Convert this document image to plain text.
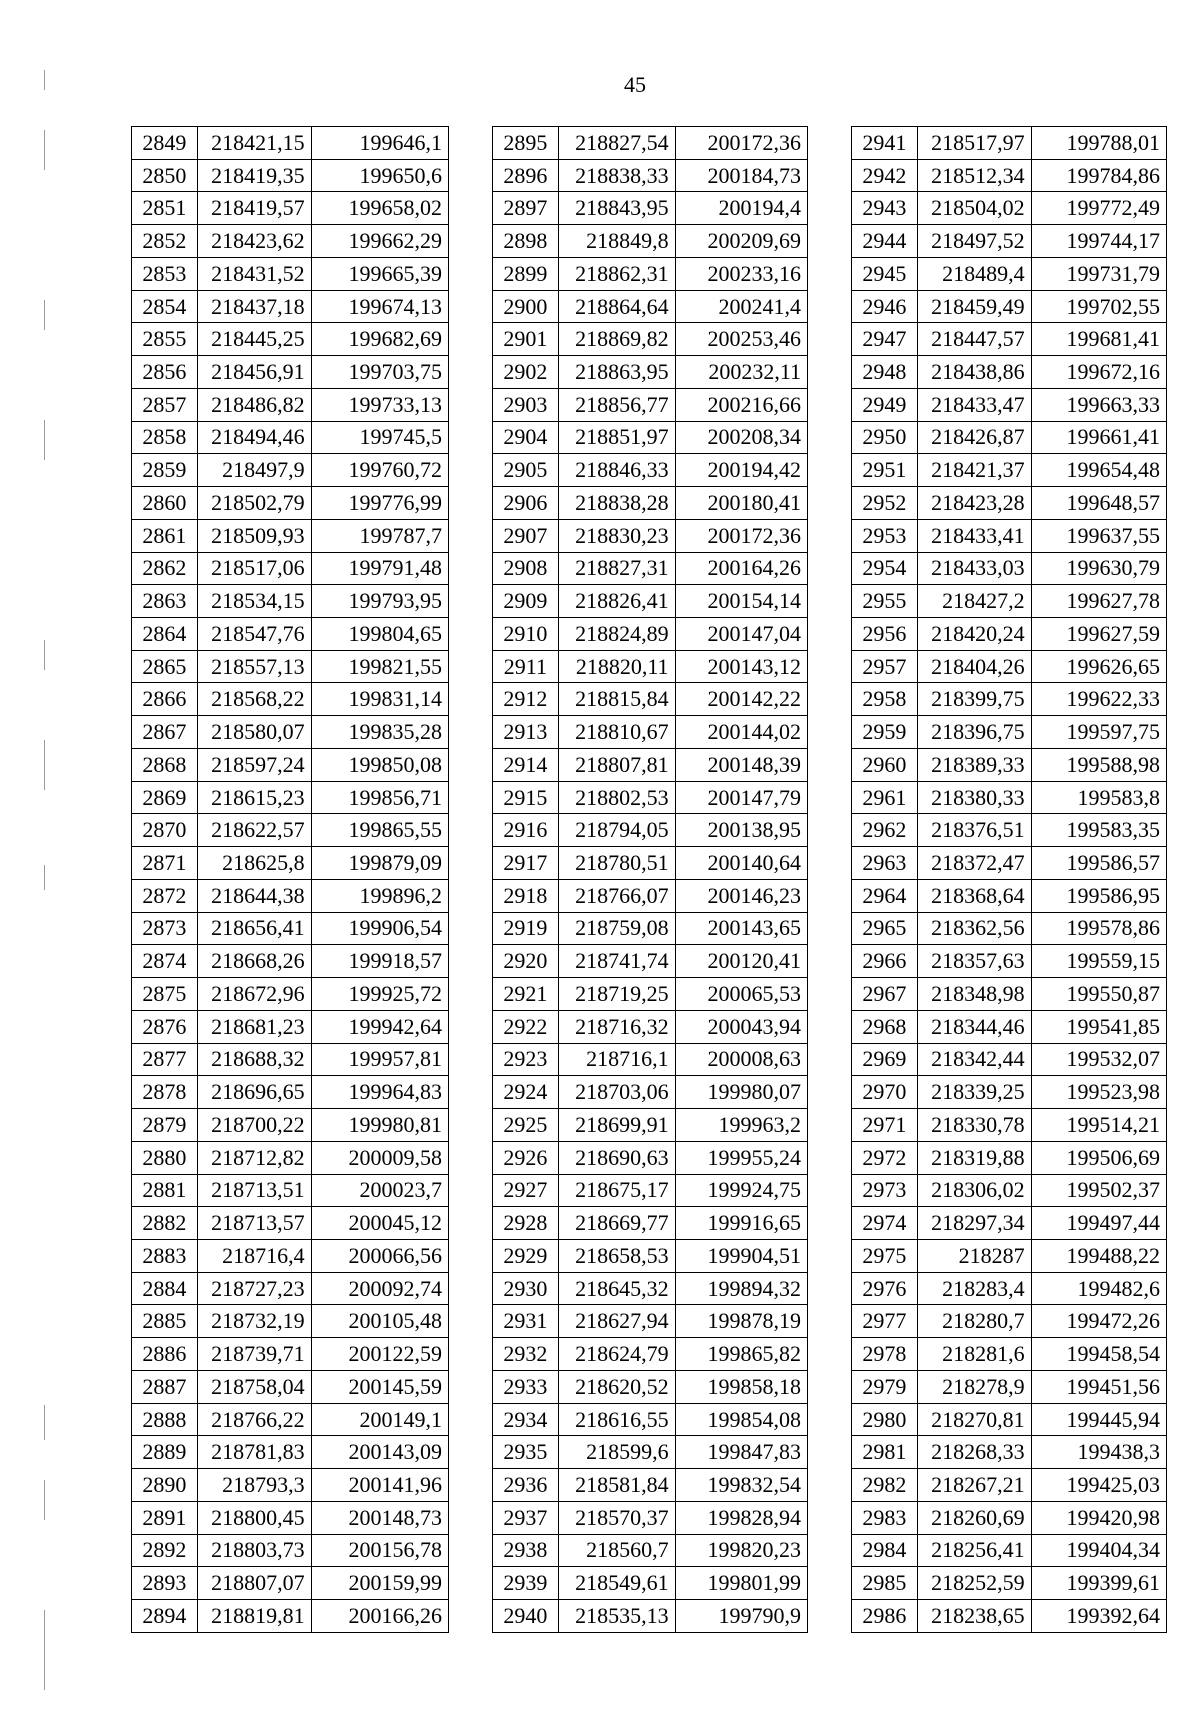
45
2849	218421,15	199646,1
2850	218419,35	199650,6
2851	218419,57	199658,02
2852	218423,62	199662,29
2853	218431,52	199665,39
2854	218437,18	199674,13
2855	218445,25	199682,69
2856	218456,91	199703,75
2857	218486,82	199733,13
2858	218494,46	199745,5
2859	218497,9	199760,72
2860	218502,79	199776,99
2861	218509,93	199787,7
2862	218517,06	199791,48
2863	218534,15	199793,95
2864	218547,76	199804,65
2865	218557,13	199821,55
2866	218568,22	199831,14
2867	218580,07	199835,28
2868	218597,24	199850,08
2869	218615,23	199856,71
2870	218622,57	199865,55
2871	218625,8	199879,09
2872	218644,38	199896,2
2873	218656,41	199906,54
2874	218668,26	199918,57
2875	218672,96	199925,72
2876	218681,23	199942,64
2877	218688,32	199957,81
2878	218696,65	199964,83
2879	218700,22	199980,81
2880	218712,82	200009,58
2881	218713,51	200023,7
2882	218713,57	200045,12
2883	218716,4	200066,56
2884	218727,23	200092,74
2885	218732,19	200105,48
2886	218739,71	200122,59
2887	218758,04	200145,59
2888	218766,22	200149,1
2889	218781,83	200143,09
2890	218793,3	200141,96
2891	218800,45	200148,73
2892	218803,73	200156,78
2893	218807,07	200159,99
2894	218819,81	200166,26
2895	218827,54	200172,36
2896	218838,33	200184,73
2897	218843,95	200194,4
2898	218849,8	200209,69
2899	218862,31	200233,16
2900	218864,64	200241,4
2901	218869,82	200253,46
2902	218863,95	200232,11
2903	218856,77	200216,66
2904	218851,97	200208,34
2905	218846,33	200194,42
2906	218838,28	200180,41
2907	218830,23	200172,36
2908	218827,31	200164,26
2909	218826,41	200154,14
2910	218824,89	200147,04
2911	218820,11	200143,12
2912	218815,84	200142,22
2913	218810,67	200144,02
2914	218807,81	200148,39
2915	218802,53	200147,79
2916	218794,05	200138,95
2917	218780,51	200140,64
2918	218766,07	200146,23
2919	218759,08	200143,65
2920	218741,74	200120,41
2921	218719,25	200065,53
2922	218716,32	200043,94
2923	218716,1	200008,63
2924	218703,06	199980,07
2925	218699,91	199963,2
2926	218690,63	199955,24
2927	218675,17	199924,75
2928	218669,77	199916,65
2929	218658,53	199904,51
2930	218645,32	199894,32
2931	218627,94	199878,19
2932	218624,79	199865,82
2933	218620,52	199858,18
2934	218616,55	199854,08
2935	218599,6	199847,83
2936	218581,84	199832,54
2937	218570,37	199828,94
2938	218560,7	199820,23
2939	218549,61	199801,99
2940	218535,13	199790,9
2941	218517,97	199788,01
2942	218512,34	199784,86
2943	218504,02	199772,49
2944	218497,52	199744,17
2945	218489,4	199731,79
2946	218459,49	199702,55
2947	218447,57	199681,41
2948	218438,86	199672,16
2949	218433,47	199663,33
2950	218426,87	199661,41
2951	218421,37	199654,48
2952	218423,28	199648,57
2953	218433,41	199637,55
2954	218433,03	199630,79
2955	218427,2	199627,78
2956	218420,24	199627,59
2957	218404,26	199626,65
2958	218399,75	199622,33
2959	218396,75	199597,75
2960	218389,33	199588,98
2961	218380,33	199583,8
2962	218376,51	199583,35
2963	218372,47	199586,57
2964	218368,64	199586,95
2965	218362,56	199578,86
2966	218357,63	199559,15
2967	218348,98	199550,87
2968	218344,46	199541,85
2969	218342,44	199532,07
2970	218339,25	199523,98
2971	218330,78	199514,21
2972	218319,88	199506,69
2973	218306,02	199502,37
2974	218297,34	199497,44
2975	218287	199488,22
2976	218283,4	199482,6
2977	218280,7	199472,26
2978	218281,6	199458,54
2979	218278,9	199451,56
2980	218270,81	199445,94
2981	218268,33	199438,3
2982	218267,21	199425,03
2983	218260,69	199420,98
2984	218256,41	199404,34
2985	218252,59	199399,61
2986	218238,65	199392,64
